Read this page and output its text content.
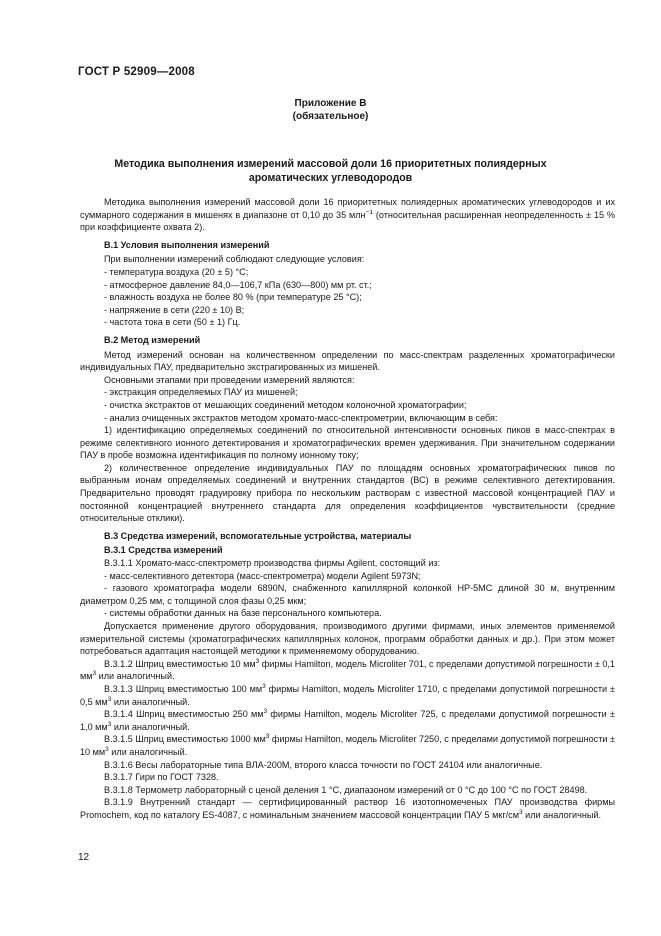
ГОСТ Р 52909—2008
Приложение В
(обязательное)
Методика выполнения измерений массовой доли 16 приоритетных полиядерных
ароматических углеводородов

Методика выполнения измерений массовой доли 16 приоритетных полиядерных ароматических углеводородов и их суммарного содержания в мишенях в диапазоне от 0,10 до 35 млн$^{-1}$ (относительная расширенная неопределенность ± 15 % при коэффициенте охвата 2).

В.1 Условия выполнения измерений

При выполнении измерений соблюдают следующие условия:

- температура воздуха (20 ± 5) °С;

- атмосферное давление 84,0—106,7 кПа (630—800) мм рт. ст.;

- влажность воздуха не более 80 % (при температуре 25 °С);

- напряжение в сети (220 ± 10) В;

- частота тока в сети (50 ± 1) Гц.

В.2 Метод измерений

Метод измерений основан на количественном определении по масс-спектрам разделенных хроматографически индивидуальных ПАУ, предварительно экстрагированных из мишеней.

Основными этапами при проведении измерений являются:

- экстракция определяемых ПАУ из мишеней;

- очистка экстрактов от мешающих соединений методом колоночной хроматографии;

- анализ очищенных экстрактов методом хромато-масс-спектрометрии, включающим в себя:

1) идентификацию определяемых соединений по относительной интенсивности основных пиков в масс-спектрах в режиме селективного ионного детектирования и хроматографических времен удерживания. При значительном содержании ПАУ в пробе возможна идентификация по полному ионному току;

2) количественное определение индивидуальных ПАУ по площадям основных хроматографических пиков по выбранным ионам определяемых соединений и внутренних стандартов (ВС) в режиме селективного детектирования. Предварительно проводят градуировку прибора по нескольким растворам с известной массовой концентрацией ПАУ и постоянной концентрацией внутреннего стандарта для определения коэффициентов чувствительности (средние относительные отклики).

В.3 Средства измерений, вспомогательные устройства, материалы

В.3.1 Средства измерений

В.3.1.1 Хромато-масс-спектрометр производства фирмы Agilent, состоящий из:

- масс-селективного детектора (масс-спектрометра) модели Agilent 5973N;

- газового хроматографа модели 6890N, снабженного капиллярной колонкой HP-5MC длиной 30 м, внутренним диаметром 0,25 мм, с толщиной слоя фазы 0,25 мкм;

- системы обработки данных на базе персонального компьютера.

Допускается применение другого оборудования, производимого другими фирмами, иных элементов применяемой измерительной системы (хроматографических капиллярных колонок, программ обработки данных и др.). При этом может потребоваться адаптация настоящей методики к применяемому оборудованию.

В.3.1.2 Шприц вместимостью 10 $мм^3$ фирмы Hamilton, модель Microliter 701, с пределами допустимой погрешности ± 0,1 $мм^3$ или аналогичный.

В.3.1.3 Шприц вместимостью 100 $мм^3$ фирмы Hamilton, модель Microliter 1710, с пределами допустимой погрешности ± 0,5 $мм^3$ или аналогичный.

В.3.1.4 Шприц вместимостью 250 $мм^3$ фирмы Hamilton, модель Microliter 725, с пределами допустимой погрешности ± 1,0 $мм^3$ или аналогичный.

В.3.1.5 Шприц вместимостью 1000 $мм^3$ фирмы Hamilton, модель Microliter 7250, с пределами допустимой погрешности ± 10 $мм^3$ или аналогичный.

В.3.1.6 Весы лабораторные типа ВЛА-200М, второго класса точности по ГОСТ 24104 или аналогичные.

В.3.1.7 Гири по ГОСТ 7328.

В.3.1.8 Термометр лабораторный с ценой деления 1 °С, диапазоном измерений от 0 °С до 100 °С по ГОСТ 28498.

В.3.1.9 Внутренний стандарт — сертифицированный раствор 16 изотопномеченых ПАУ производства фирмы Promochem, код по каталогу ES-4087, с номинальным значением массовой концентрации ПАУ 5 мкг/$см^3$ или аналогичный.

12
